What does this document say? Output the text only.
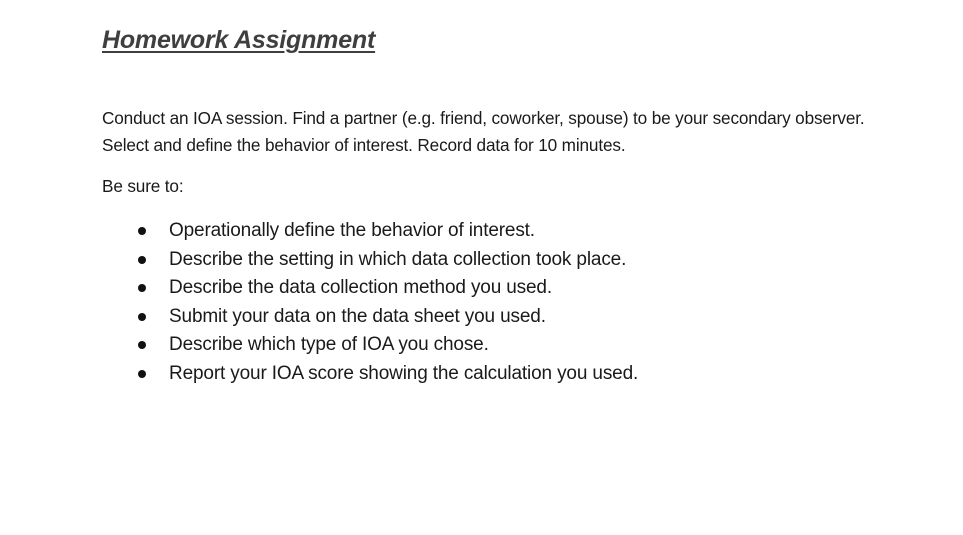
Homework Assignment

Conduct an IOA session. Find a partner (e.g. friend, coworker, spouse) to be your secondary observer.
Select and define the behavior of interest. Record data for 10 minutes.

Be sure to:

Operationally define the behavior of interest.
Describe the setting in which data collection took place.
Describe the data collection method you used.
Submit your data on the data sheet you used.
Describe which type of IOA you chose.
Report your IOA score showing the calculation you used.
